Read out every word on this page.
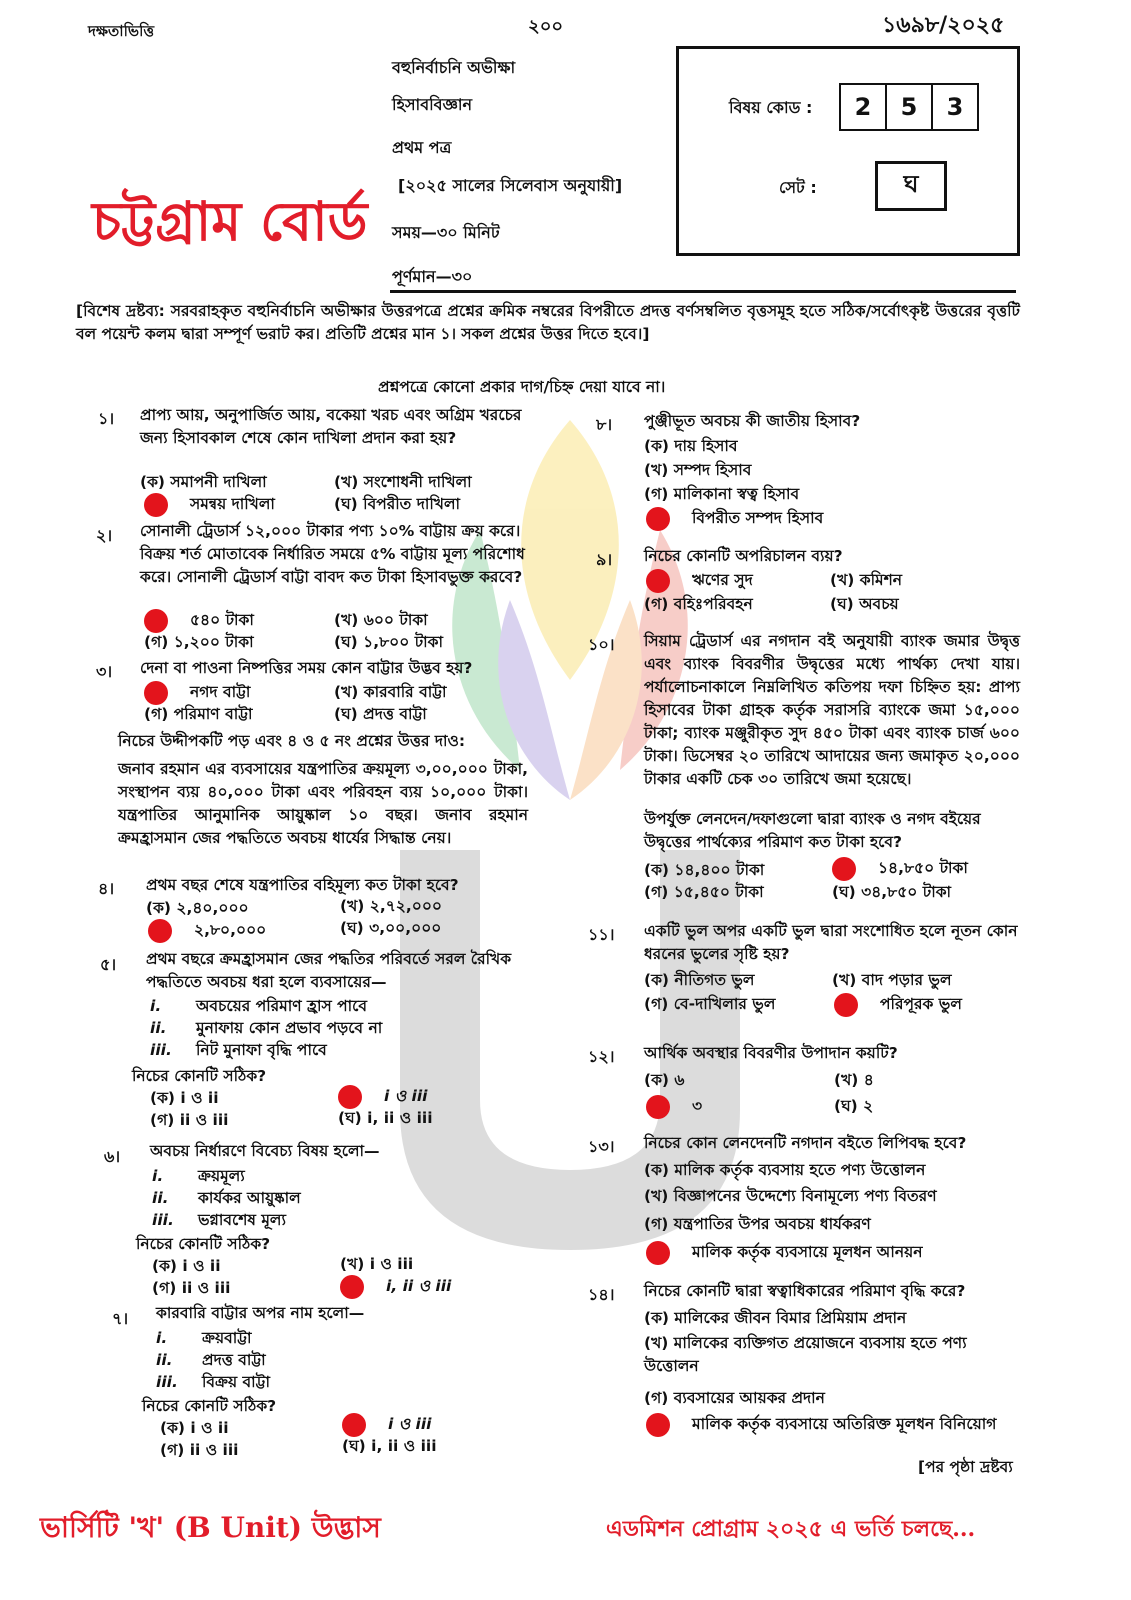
দক্ষতাভিত্তি	২০০	১৬৯৮/২০২৫
বহুনির্বাচনি অভীক্ষা
হিসাববিজ্ঞান
প্রথম পত্র
[২০২৫ সালের সিলেবাস অনুযায়ী]
সময়—৩০ মিনিট
পূর্ণমান—৩০
চট্টগ্রাম বোর্ড
বিষয় কোড :	2	5	3
সেট :	ঘ
[বিশেষ দ্রষ্টব্য: সরবরাহকৃত বহুনির্বাচনি অভীক্ষার উত্তরপত্রে প্রশ্নের ক্রমিক নম্বরের বিপরীতে প্রদত্ত বর্ণসম্বলিত বৃত্তসমূহ হতে সঠিক/সর্বোৎকৃষ্ট উত্তরের বৃত্তটি বল পয়েন্ট কলম দ্বারা সম্পূর্ণ ভরাট কর। প্রতিটি প্রশ্নের মান ১। সকল প্রশ্নের উত্তর দিতে হবে।]
প্রশ্নপত্রে কোনো প্রকার দাগ/চিহ্ন দেয়া যাবে না।
১। প্রাপ্য আয়, অনুপার্জিত আয়, বকেয়া খরচ এবং অগ্রিম খরচের জন্য হিসাবকাল শেষে কোন দাখিলা প্রদান করা হয়?
(ক) সমাপনী দাখিলা	(খ) সংশোধনী দাখিলা
সমন্বয় দাখিলা	(ঘ) বিপরীত দাখিলা
২। সোনালী ট্রেডার্স ১২,০০০ টাকার পণ্য ১০% বাট্টায় ক্রয় করে। বিক্রয় শর্ত মোতাবেক নির্ধারিত সময়ে ৫% বাট্টায় মূল্য পরিশোধ করে। সোনালী ট্রেডার্স বাট্টা বাবদ কত টাকা হিসাবভুক্ত করবে?
৫৪০ টাকা	(খ) ৬০০ টাকা
(গ) ১,২০০ টাকা	(ঘ) ১,৮০০ টাকা
৩। দেনা বা পাওনা নিষ্পত্তির সময় কোন বাট্টার উদ্ভব হয়?
নগদ বাট্টা	(খ) কারবারি বাট্টা
(গ) পরিমাণ বাট্টা	(ঘ) প্রদত্ত বাট্টা
নিচের উদ্দীপকটি পড় এবং ৪ ও ৫ নং প্রশ্নের উত্তর দাও:
জনাব রহমান এর ব্যবসায়ের যন্ত্রপাতির ক্রয়মূল্য ৩,০০,০০০ টাকা, সংস্থাপন ব্যয় ৪০,০০০ টাকা এবং পরিবহন ব্যয় ১০,০০০ টাকা। যন্ত্রপাতির আনুমানিক আয়ুষ্কাল ১০ বছর। জনাব রহমান ক্রমহ্রাসমান জের পদ্ধতিতে অবচয় ধার্যের সিদ্ধান্ত নেয়।
৪। প্রথম বছর শেষে যন্ত্রপাতির বহিমূল্য কত টাকা হবে?
(ক) ২,৪০,০০০	(খ) ২,৭২,০০০
২,৮০,০০০	(ঘ) ৩,০০,০০০
৫। প্রথম বছরে ক্রমহ্রাসমান জের পদ্ধতির পরিবর্তে সরল রৈখিক পদ্ধতিতে অবচয় ধরা হলে ব্যবসায়ের—
i. অবচয়ের পরিমাণ হ্রাস পাবে
ii. মুনাফায় কোন প্রভাব পড়বে না
iii. নিট মুনাফা বৃদ্ধি পাবে
নিচের কোনটি সঠিক?
(ক) i ও ii	i ও iii
(গ) ii ও iii	(ঘ) i, ii ও iii
৬। অবচয় নির্ধারণে বিবেচ্য বিষয় হলো—
i. ক্রয়মূল্য
ii. কার্যকর আয়ুষ্কাল
iii. ভগ্নাবশেষ মূল্য
নিচের কোনটি সঠিক?
(ক) i ও ii	(খ) i ও iii
(গ) ii ও iii	i, ii ও iii
৭। কারবারি বাট্টার অপর নাম হলো—
i. ক্রয়বাট্টা
ii. প্রদত্ত বাট্টা
iii. বিক্রয় বাট্টা
নিচের কোনটি সঠিক?
(ক) i ও ii	i ও iii
(গ) ii ও iii	(ঘ) i, ii ও iii
৮। পুঞ্জীভূত অবচয় কী জাতীয় হিসাব?
(ক) দায় হিসাব
(খ) সম্পদ হিসাব
(গ) মালিকানা স্বত্ব হিসাব
বিপরীত সম্পদ হিসাব
৯। নিচের কোনটি অপরিচালন ব্যয়?
ঋণের সুদ	(খ) কমিশন
(গ) বহিঃপরিবহন	(ঘ) অবচয়
১০। সিয়াম ট্রেডার্স এর নগদান বই অনুযায়ী ব্যাংক জমার উদ্বৃত্ত এবং ব্যাংক বিবরণীর উদ্বৃত্তের মধ্যে পার্থক্য দেখা যায়। পর্যালোচনাকালে নিম্নলিখিত কতিপয় দফা চিহ্নিত হয়: প্রাপ্য হিসাবের টাকা গ্রাহক কর্তৃক সরাসরি ব্যাংকে জমা ১৫,০০০ টাকা; ব্যাংক মঞ্জুরীকৃত সুদ ৪৫০ টাকা এবং ব্যাংক চার্জ ৬০০ টাকা। ডিসেম্বর ২০ তারিখে আদায়ের জন্য জমাকৃত ২০,০০০ টাকার একটি চেক ৩০ তারিখে জমা হয়েছে।
উপর্যুক্ত লেনদেন/দফাগুলো দ্বারা ব্যাংক ও নগদ বইয়ের উদ্বৃত্তের পার্থক্যের পরিমাণ কত টাকা হবে?
(ক) ১৪,৪০০ টাকা	১৪,৮৫০ টাকা
(গ) ১৫,৪৫০ টাকা	(ঘ) ৩৪,৮৫০ টাকা
১১। একটি ভুল অপর একটি ভুল দ্বারা সংশোধিত হলে নূতন কোন ধরনের ভুলের সৃষ্টি হয়?
(ক) নীতিগত ভুল	(খ) বাদ পড়ার ভুল
(গ) বে-দাখিলার ভুল	পরিপূরক ভুল
১২। আর্থিক অবস্থার বিবরণীর উপাদান কয়টি?
(ক) ৬	(খ) ৪
৩	(ঘ) ২
১৩। নিচের কোন লেনদেনটি নগদান বইতে লিপিবদ্ধ হবে?
(ক) মালিক কর্তৃক ব্যবসায় হতে পণ্য উত্তোলন
(খ) বিজ্ঞাপনের উদ্দেশ্যে বিনামূল্যে পণ্য বিতরণ
(গ) যন্ত্রপাতির উপর অবচয় ধার্যকরণ
মালিক কর্তৃক ব্যবসায়ে মূলধন আনয়ন
১৪। নিচের কোনটি দ্বারা স্বত্বাধিকারের পরিমাণ বৃদ্ধি করে?
(ক) মালিকের জীবন বিমার প্রিমিয়াম প্রদান
(খ) মালিকের ব্যক্তিগত প্রয়োজনে ব্যবসায় হতে পণ্য উত্তোলন
(গ) ব্যবসায়ের আয়কর প্রদান
মালিক কর্তৃক ব্যবসায়ে অতিরিক্ত মূলধন বিনিয়োগ
[পর পৃষ্ঠা দ্রষ্টব্য
ভার্সিটি 'খ' (B Unit) উদ্ভাস	এডমিশন প্রোগ্রাম ২০২৫ এ ভর্তি চলছে...
